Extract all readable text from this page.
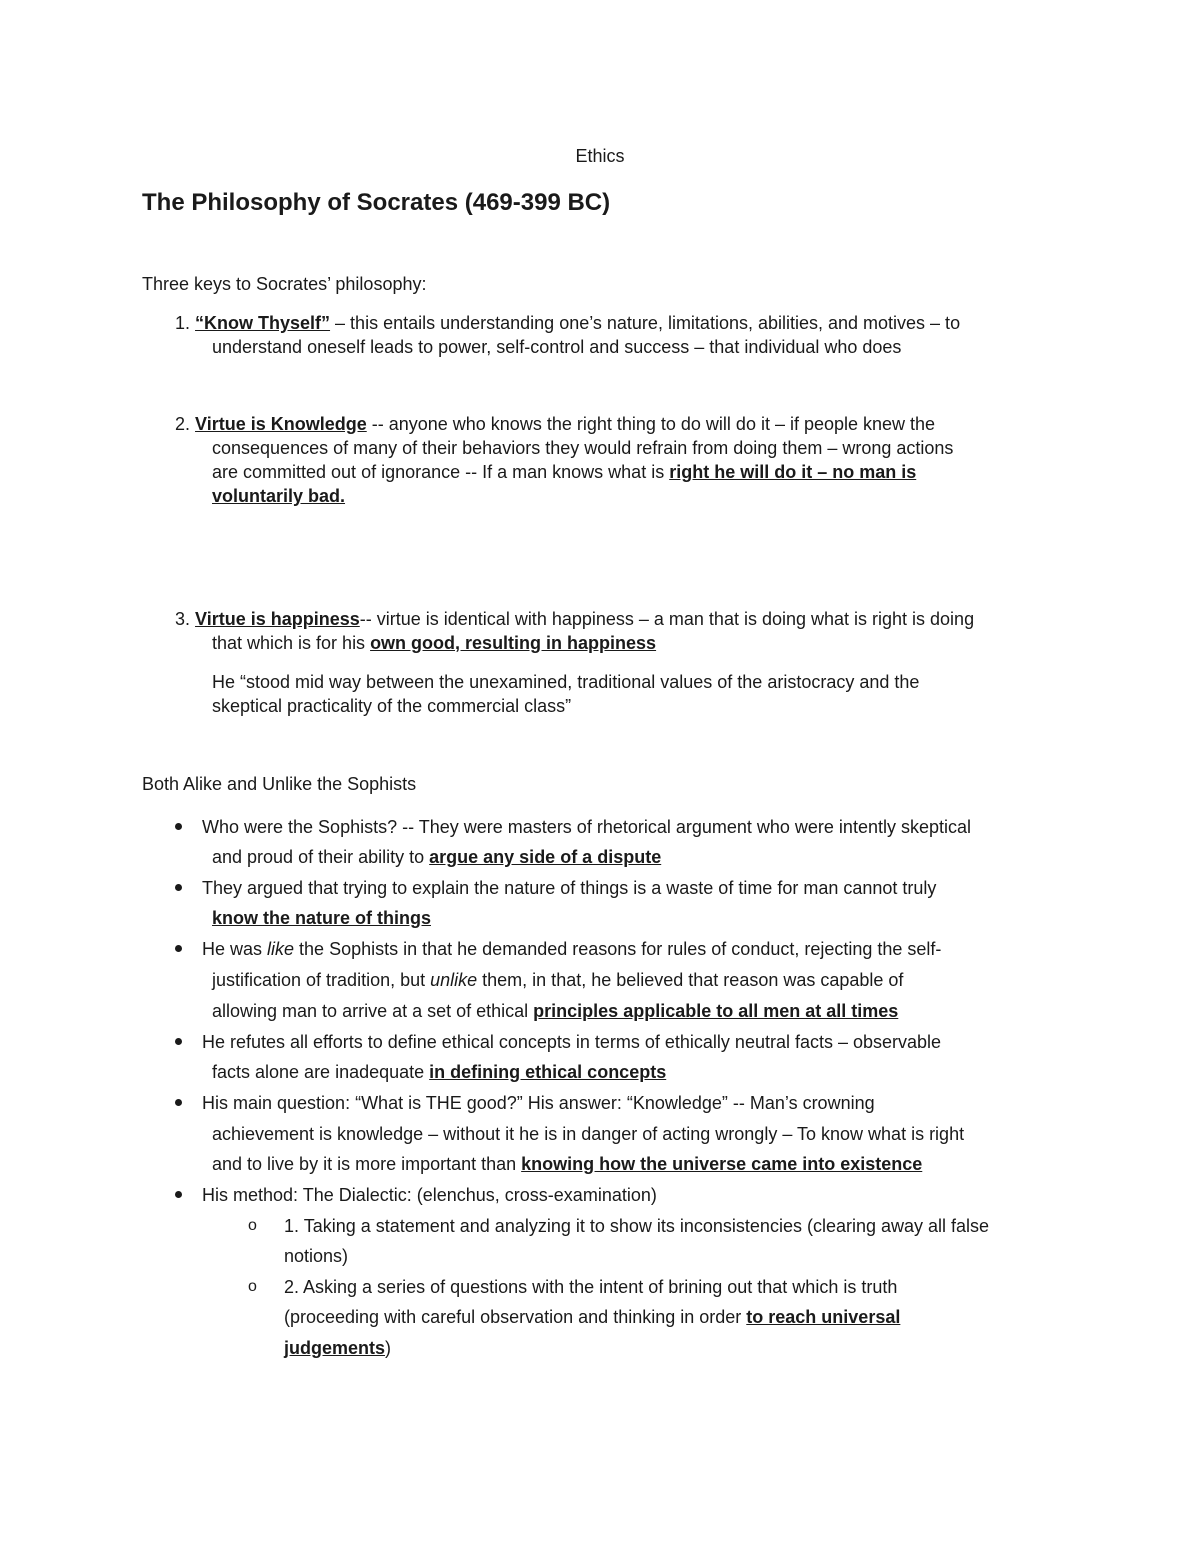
Ethics
The Philosophy of Socrates (469-399 BC)
Three keys to Socrates’ philosophy:
1. “Know Thyself” – this entails understanding one’s nature, limitations, abilities, and motives – to
understand oneself leads to power, self-control and success – that individual who does
2. Virtue is Knowledge -- anyone who knows the right thing to do will do it – if people knew the
consequences of many of their behaviors they would refrain from doing them – wrong actions
are committed out of ignorance -- If a man knows what is right he will do it – no man is
voluntarily bad.
3. Virtue is happiness-- virtue is identical with happiness – a man that is doing what is right is doing
that which is for his own good, resulting in happiness
He “stood mid way between the unexamined, traditional values of the aristocracy and the
skeptical practicality of the commercial class”
Both Alike and Unlike the Sophists
Who were the Sophists? -- They were masters of rhetorical argument who were intently skeptical
and proud of their ability to argue any side of a dispute
They argued that trying to explain the nature of things is a waste of time for man cannot truly
know the nature of things
He was like the Sophists in that he demanded reasons for rules of conduct, rejecting the self-
justification of tradition, but unlike them, in that, he believed that reason was capable of
allowing man to arrive at a set of ethical principles applicable to all men at all times
He refutes all efforts to define ethical concepts in terms of ethically neutral facts – observable
facts alone are inadequate in defining ethical concepts
His main question: “What is THE good?” His answer: “Knowledge” -- Man’s crowning
achievement is knowledge – without it he is in danger of acting wrongly – To know what is right
and to live by it is more important than knowing how the universe came into existence
His method: The Dialectic: (elenchus, cross-examination)
o 1. Taking a statement and analyzing it to show its inconsistencies (clearing away all false
notions)
o 2. Asking a series of questions with the intent of brining out that which is truth
(proceeding with careful observation and thinking in order to reach universal
judgements)
